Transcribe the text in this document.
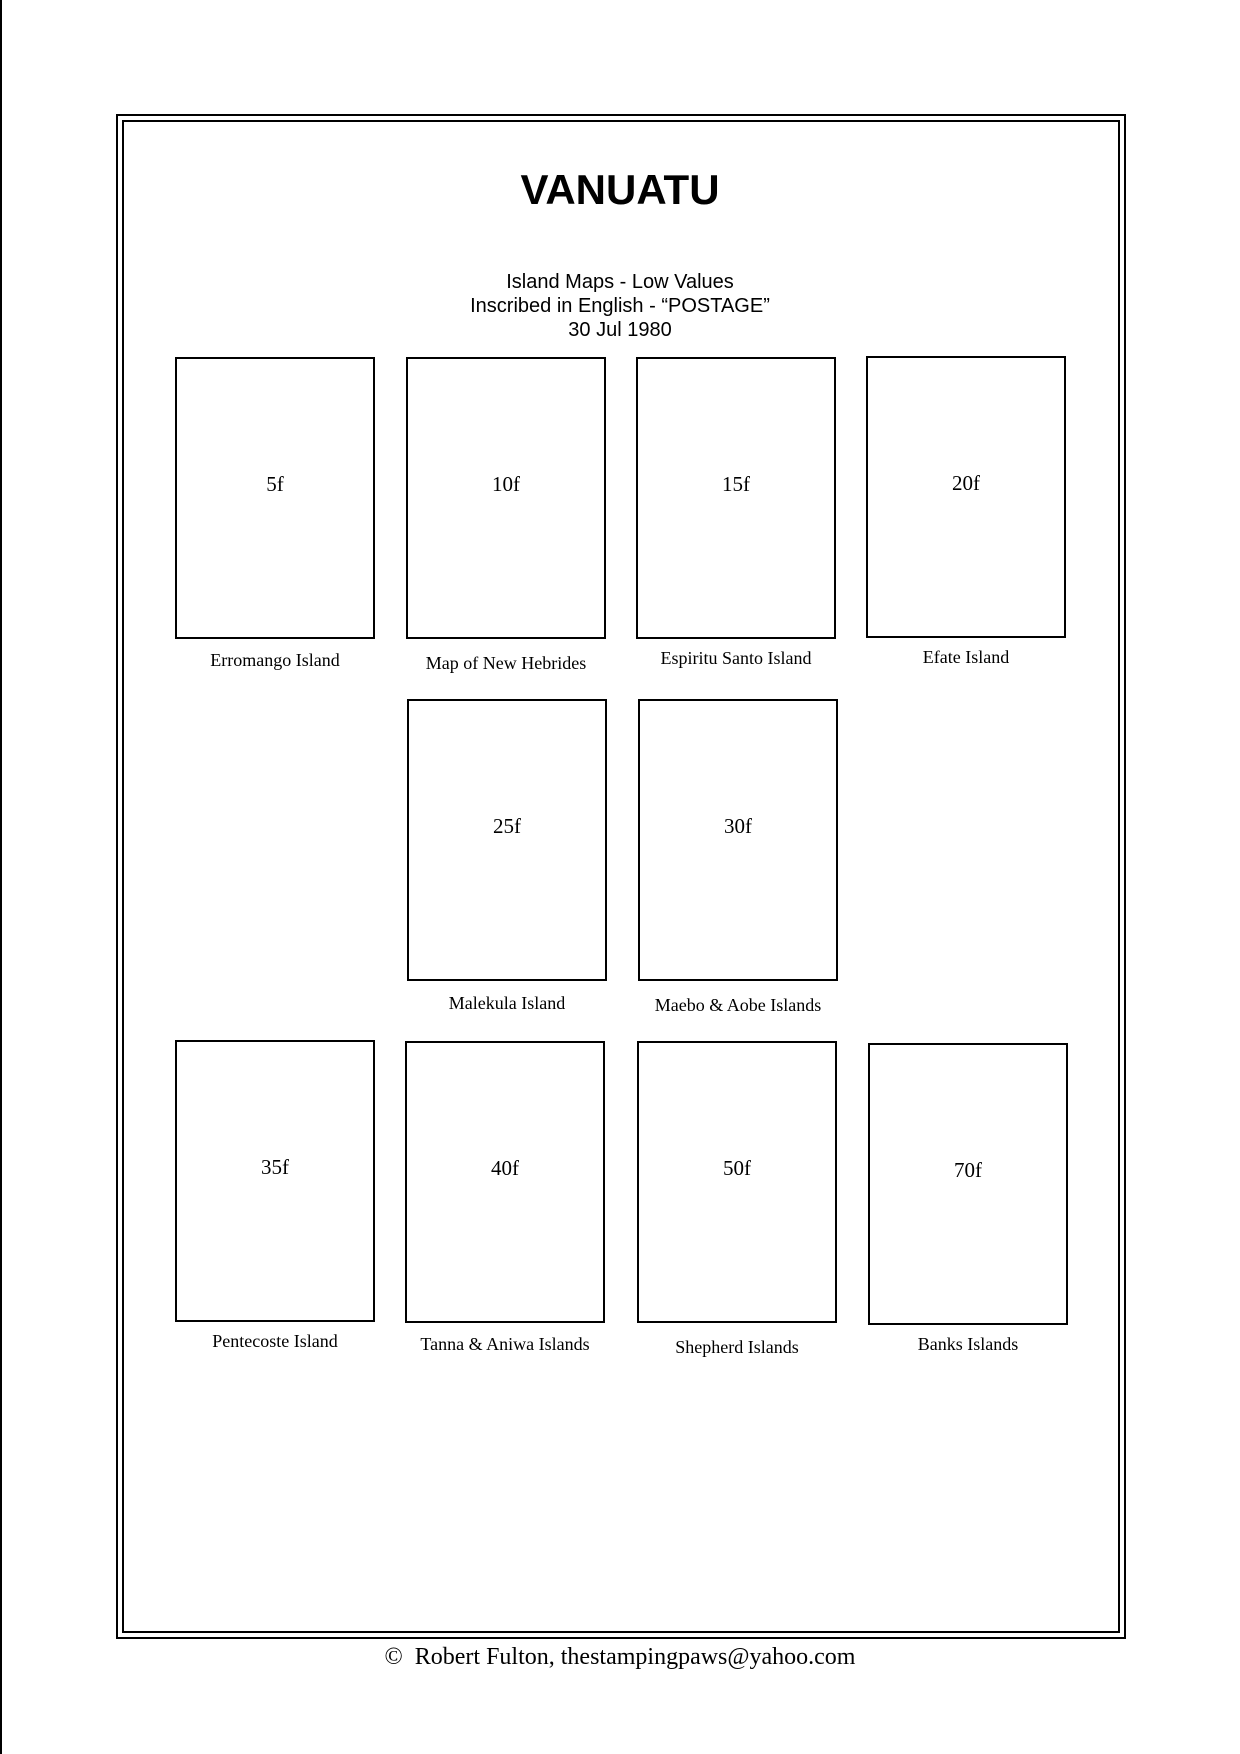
VANUATU
Island Maps - Low Values
Inscribed in English - “POSTAGE”
30 Jul 1980
5f
Erromango Island
10f
Map of New Hebrides
15f
Espiritu Santo Island
20f
Efate Island
25f
Malekula Island
30f
Maebo & Aobe Islands
35f
Pentecoste Island
40f
Tanna & Aniwa Islands
50f
Shepherd Islands
70f
Banks Islands
© Robert Fulton, thestampingpaws@yahoo.com
